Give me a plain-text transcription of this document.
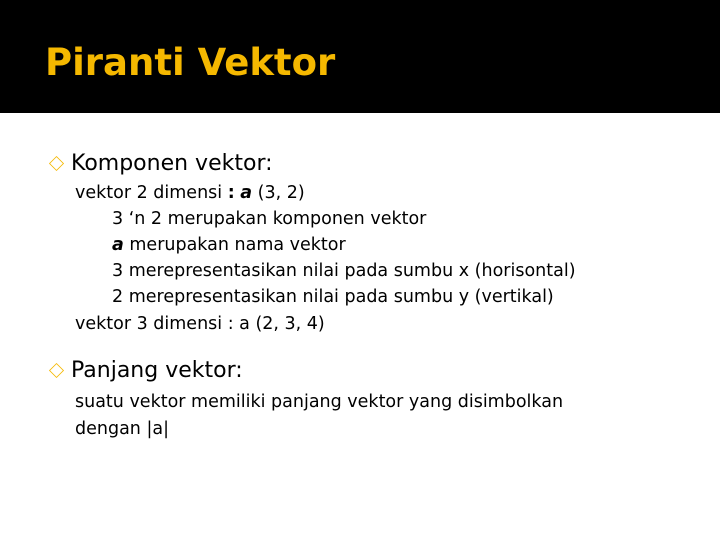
Piranti Vektor
Komponen vektor:
vektor 2 dimensi : a (3, 2)
3 ‘n 2 merupakan komponen vektor
a merupakan nama vektor
3 merepresentasikan nilai pada sumbu x (horisontal)
2 merepresentasikan nilai pada sumbu y (vertikal)
vektor 3 dimensi : a (2, 3, 4)
Panjang vektor:
suatu vektor memiliki panjang vektor yang disimbolkan
dengan |a|
